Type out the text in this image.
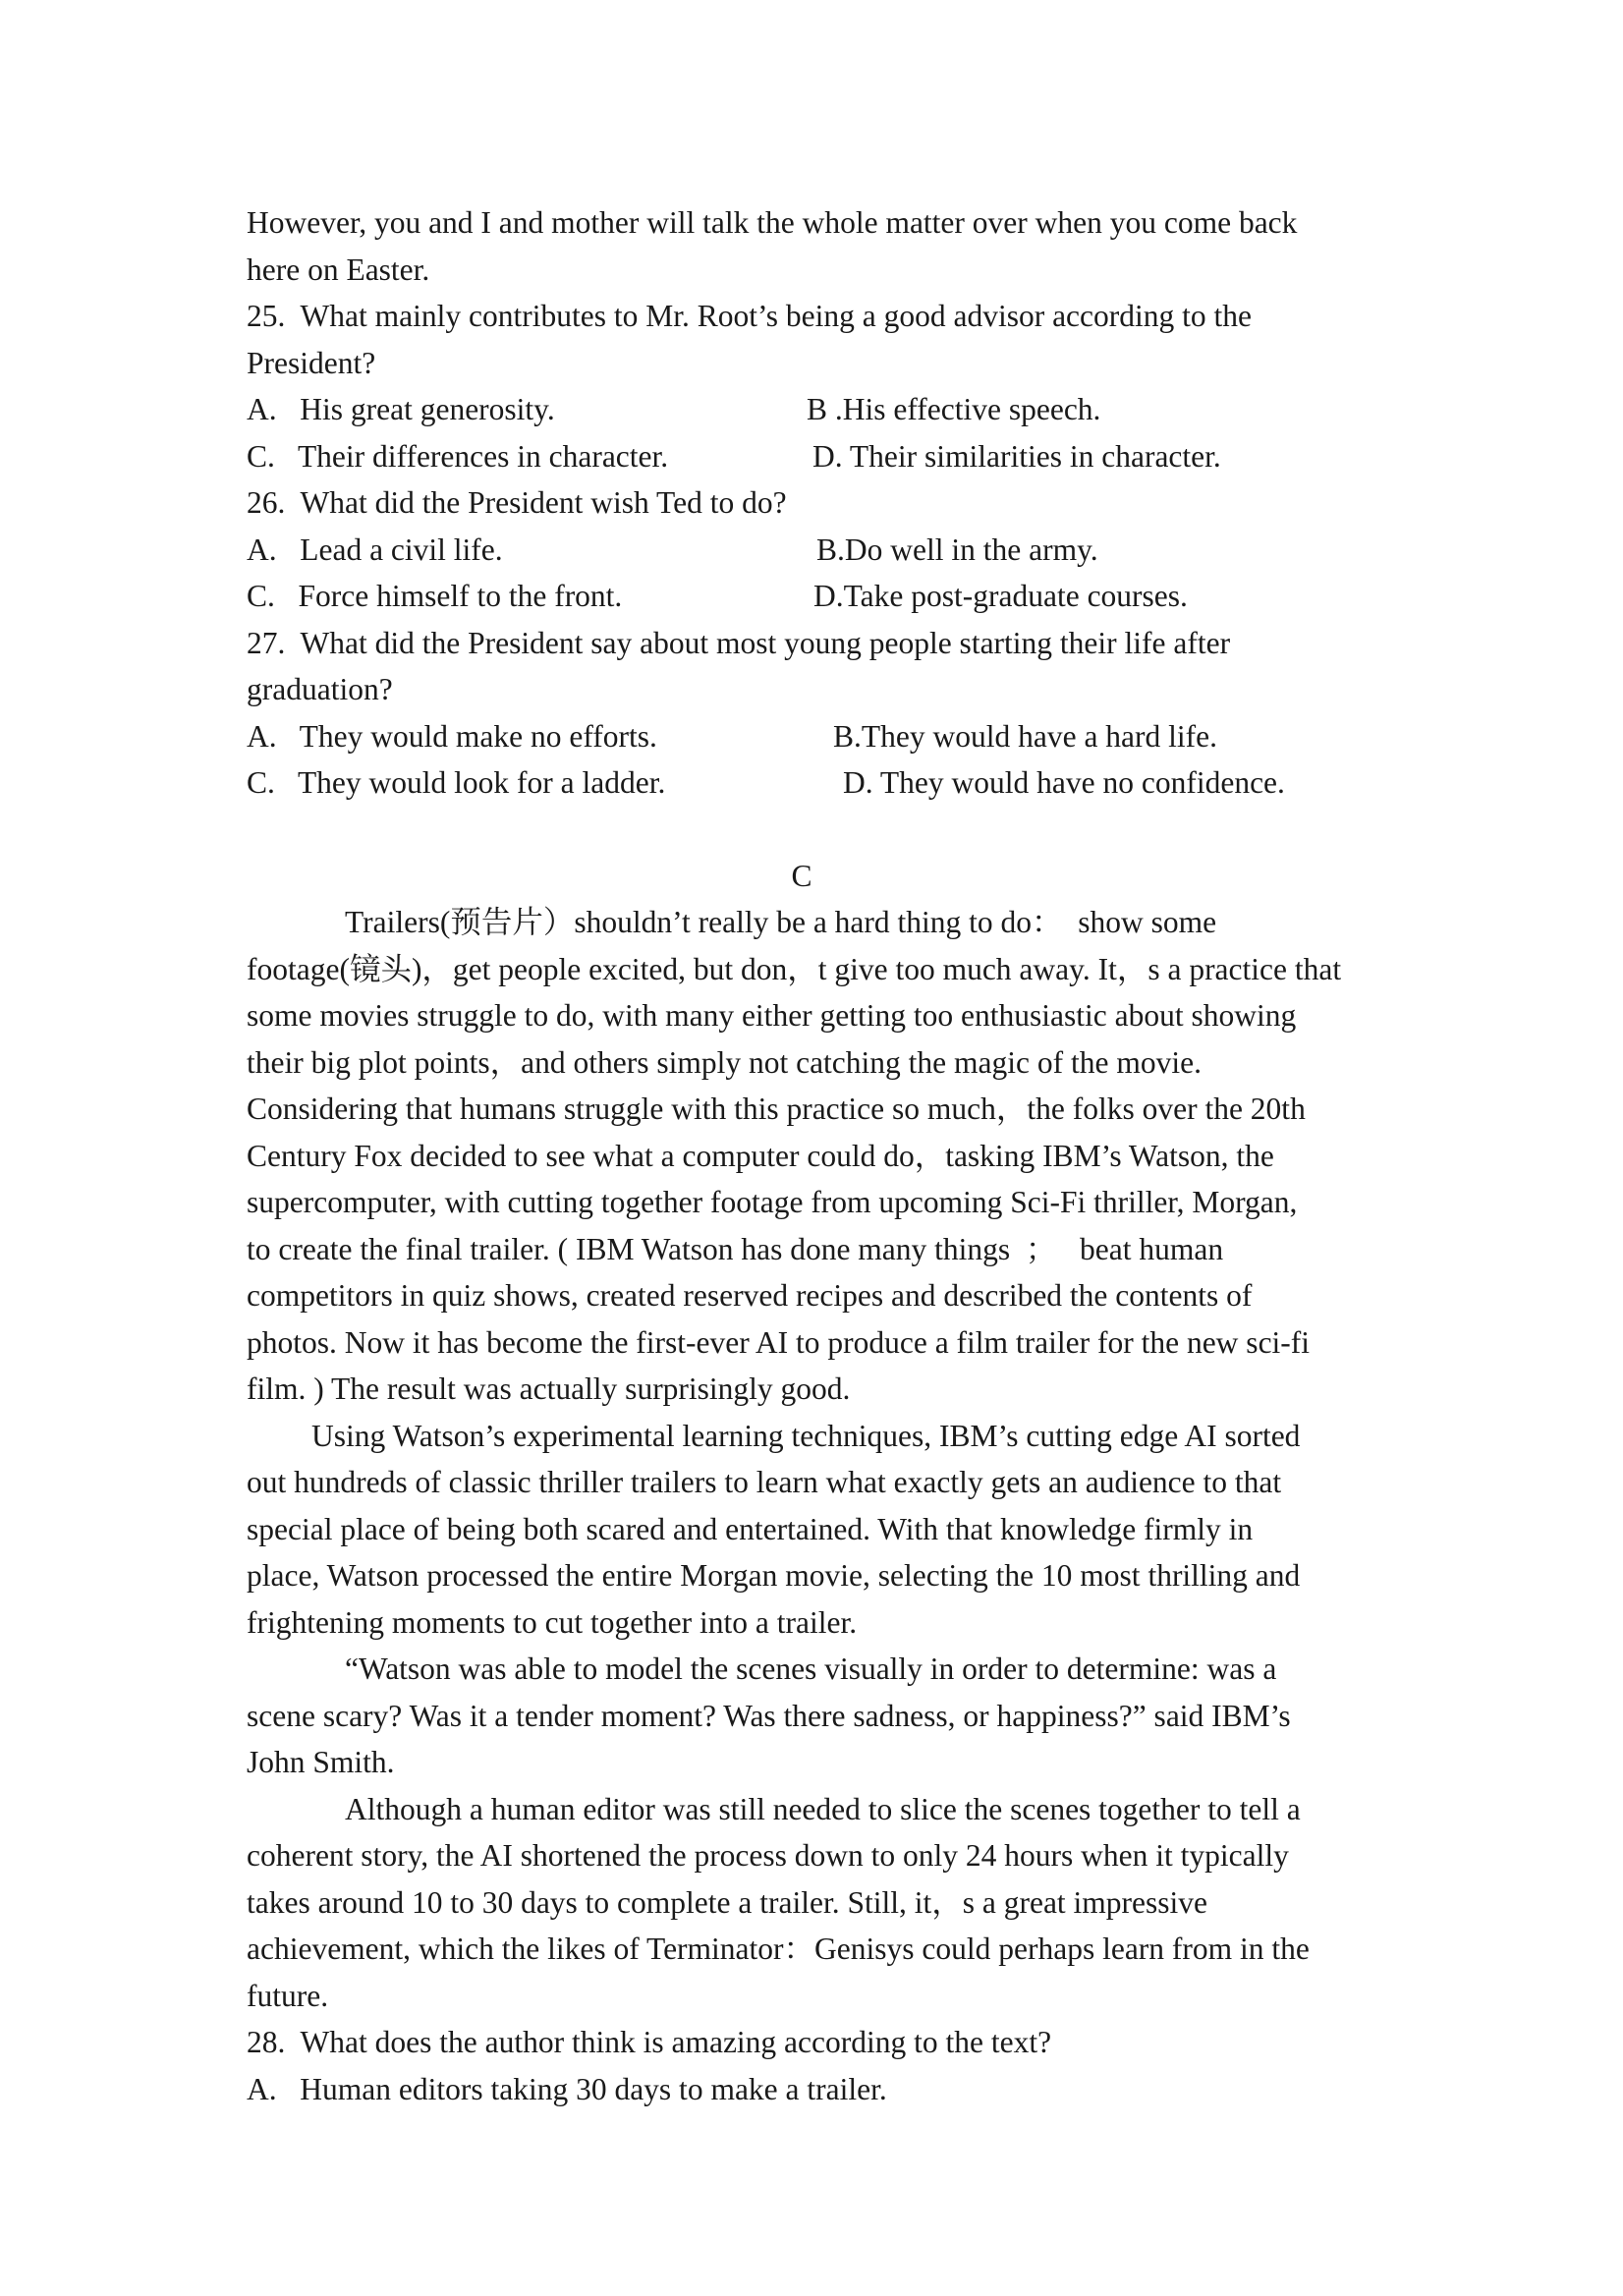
However, you and I and mother will talk the whole matter over when you come back
here on Easter.
25.  What mainly contributes to Mr. Root’s being a good advisor according to the
President?

A.   His great generosity.

	B .His effective speech.

C.   Their differences in character.

	D. Their similarities in character.

26.  What did the President wish Ted to do?

A.   Lead a civil life.

	B.Do well in the army.

C.   Force himself to the front.

	D.Take post-graduate courses.

27.  What did the President say about most young people starting their life after
graduation?

A.   They would make no efforts.

	B.They would have a hard life.

C.   They would look for a ladder.

	D. They would have no confidence.

C
Trailers(预告片）shouldn’t really be a hard thing to do：  show some
footage(镜头)，get people excited, but don，t give too much away. It，s a practice that
some movies struggle to do, with many either getting too enthusiastic about showing
their big plot points，and others simply not catching the magic of the movie.
Considering that humans struggle with this practice so much，the folks over the 20th
Century Fox decided to see what a computer could do，tasking IBM’s Watson, the
supercomputer, with cutting together footage from upcoming Sci-Fi thriller, Morgan,
to create the final trailer. ( IBM Watson has done many things  ；   beat human
competitors in quiz shows, created reserved recipes and described the contents of
photos. Now it has become the first-ever AI to produce a film trailer for the new sci-fi
film. ) The result was actually surprisingly good.
Using Watson’s experimental learning techniques, IBM’s cutting edge AI sorted
out hundreds of classic thriller trailers to learn what exactly gets an audience to that
special place of being both scared and entertained. With that knowledge firmly in
place, Watson processed the entire Morgan movie, selecting the 10 most thrilling and
frightening moments to cut together into a trailer.
“Watson was able to model the scenes visually in order to determine: was a
scene scary? Was it a tender moment? Was there sadness, or happiness?” said IBM’s
John Smith.
Although a human editor was still needed to slice the scenes together to tell a
coherent story, the AI shortened the process down to only 24 hours when it typically
takes around 10 to 30 days to complete a trailer. Still, it，s a great impressive
achievement, which the likes of Terminator：Genisys could perhaps learn from in the
future.
28.  What does the author think is amazing according to the text?
A.   Human editors taking 30 days to make a trailer.
